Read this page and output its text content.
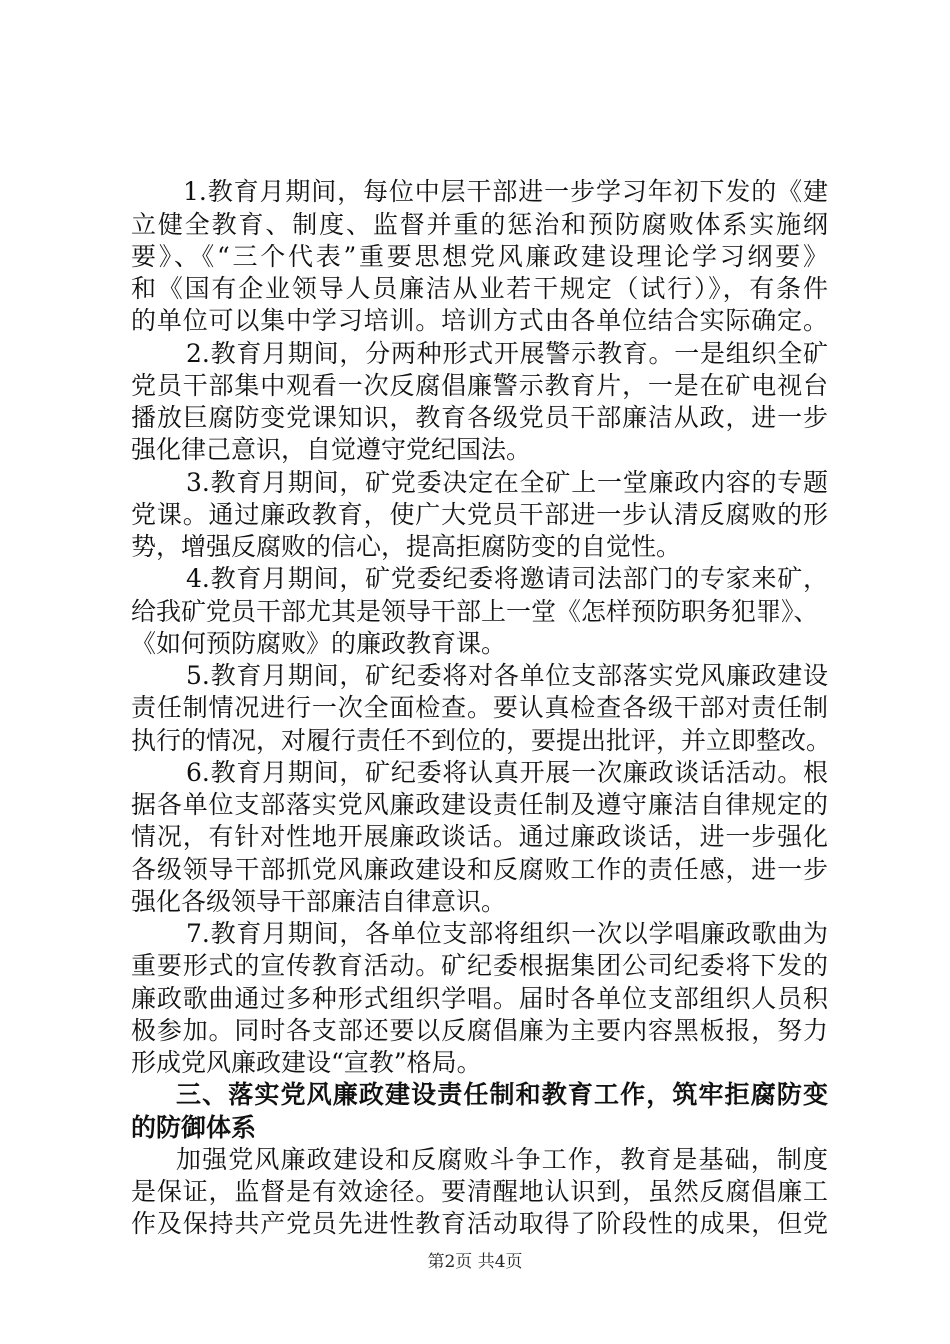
1.教育月期间，每位中层干部进一步学习年初下发的《建
立健全教育、制度、监督并重的惩治和预防腐败体系实施纲
要》、《“三个代表”重要思想党风廉政建设理论学习纲要》
和《国有企业领导人员廉洁从业若干规定（试行）》，有条件
的单位可以集中学习培训。培训方式由各单位结合实际确定。
2.教育月期间，分两种形式开展警示教育。一是组织全矿
党员干部集中观看一次反腐倡廉警示教育片，一是在矿电视台
播放巨腐防变党课知识，教育各级党员干部廉洁从政，进一步
强化律己意识，自觉遵守党纪国法。
3.教育月期间，矿党委决定在全矿上一堂廉政内容的专题
党课。通过廉政教育，使广大党员干部进一步认清反腐败的形
势，增强反腐败的信心，提高拒腐防变的自觉性。
4.教育月期间，矿党委纪委将邀请司法部门的专家来矿，
给我矿党员干部尤其是领导干部上一堂《怎样预防职务犯罪》、
《如何预防腐败》的廉政教育课。
5.教育月期间，矿纪委将对各单位支部落实党风廉政建设
责任制情况进行一次全面检查。要认真检查各级干部对责任制
执行的情况，对履行责任不到位的，要提出批评，并立即整改。
6.教育月期间，矿纪委将认真开展一次廉政谈话活动。根
据各单位支部落实党风廉政建设责任制及遵守廉洁自律规定的
情况，有针对性地开展廉政谈话。通过廉政谈话，进一步强化
各级领导干部抓党风廉政建设和反腐败工作的责任感，进一步
强化各级领导干部廉洁自律意识。
7.教育月期间，各单位支部将组织一次以学唱廉政歌曲为
重要形式的宣传教育活动。矿纪委根据集团公司纪委将下发的
廉政歌曲通过多种形式组织学唱。届时各单位支部组织人员积
极参加。同时各支部还要以反腐倡廉为主要内容黑板报，努力
形成党风廉政建设“宣教”格局。
三、落实党风廉政建设责任制和教育工作，筑牢拒腐防变
的防御体系
加强党风廉政建设和反腐败斗争工作，教育是基础，制度
是保证，监督是有效途径。要清醒地认识到，虽然反腐倡廉工
作及保持共产党员先进性教育活动取得了阶段性的成果，但党
第2页 共4页
